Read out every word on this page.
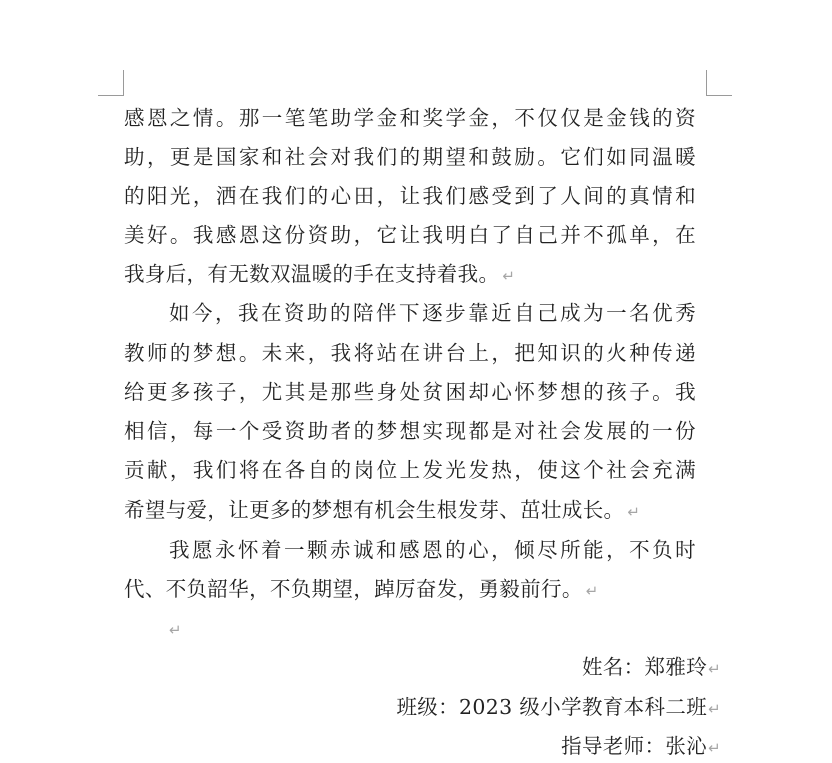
感恩之情。那一笔笔助学金和奖学金，不仅仅是金钱的资
助，更是国家和社会对我们的期望和鼓励。它们如同温暖
的阳光，洒在我们的心田，让我们感受到了人间的真情和
美好。我感恩这份资助，它让我明白了自己并不孤单，在
我身后，有无数双温暖的手在支持着我。 ↵
如今，我在资助的陪伴下逐步靠近自己成为一名优秀
教师的梦想。未来，我将站在讲台上，把知识的火种传递
给更多孩子，尤其是那些身处贫困却心怀梦想的孩子。我
相信，每一个受资助者的梦想实现都是对社会发展的一份
贡献，我们将在各自的岗位上发光发热，使这个社会充满
希望与爱，让更多的梦想有机会生根发芽、茁壮成长。 ↵
我愿永怀着一颗赤诚和感恩的心，倾尽所能，不负时
代、不负韶华，不负期望，踔厉奋发，勇毅前行。 ↵
↵
姓名：郑雅玲↵
班级：2023 级小学教育本科二班↵
指导老师：张沁↵
